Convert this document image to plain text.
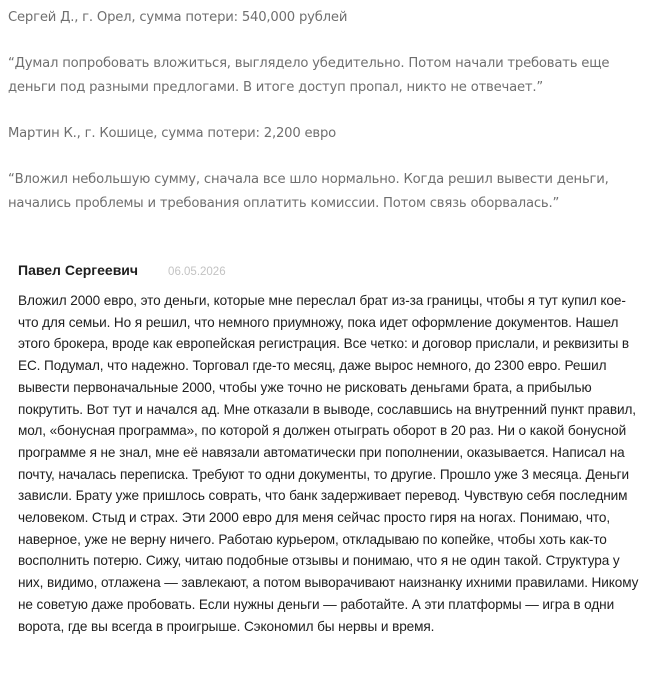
Сергей Д., г. Орел, сумма потери: 540,000 рублей

“Думал попробовать вложиться, выглядело убедительно. Потом начали требовать еще деньги под разными предлогами. В итоге доступ пропал, никто не отвечает.”

Мартин К., г. Кошице, сумма потери: 2,200 евро

“Вложил небольшую сумму, сначала все шло нормально. Когда решил вывести деньги, начались проблемы и требования оплатить комиссии. Потом связь оборвалась.”

Павел Сергеевич	06.05.2026
Вложил 2000 евро, это деньги, которые мне переслал брат из-за границы, чтобы я тут купил кое-что для семьи. Но я решил, что немного приумножу, пока идет оформление документов. Нашел этого брокера, вроде как европейская регистрация. Все четко: и договор прислали, и реквизиты в ЕС. Подумал, что надежно. Торговал где-то месяц, даже вырос немного, до 2300 евро. Решил вывести первоначальные 2000, чтобы уже точно не рисковать деньгами брата, а прибылью покрутить. Вот тут и начался ад. Мне отказали в выводе, сославшись на внутренний пункт правил, мол, «бонусная программа», по которой я должен отыграть оборот в 20 раз. Ни о какой бонусной программе я не знал, мне её навязали автоматически при пополнении, оказывается. Написал на почту, началась переписка. Требуют то одни документы, то другие. Прошло уже 3 месяца. Деньги зависли. Брату уже пришлось соврать, что банк задерживает перевод. Чувствую себя последним человеком. Стыд и страх. Эти 2000 евро для меня сейчас просто гиря на ногах. Понимаю, что, наверное, уже не верну ничего. Работаю курьером, откладываю по копейке, чтобы хоть как-то восполнить потерю. Сижу, читаю подобные отзывы и понимаю, что я не один такой. Структура у них, видимо, отлажена — завлекают, а потом выворачивают наизнанку ихними правилами. Никому не советую даже пробовать. Если нужны деньги — работайте. А эти платформы — игра в одни ворота, где вы всегда в проигрыше. Сэкономил бы нервы и время.
